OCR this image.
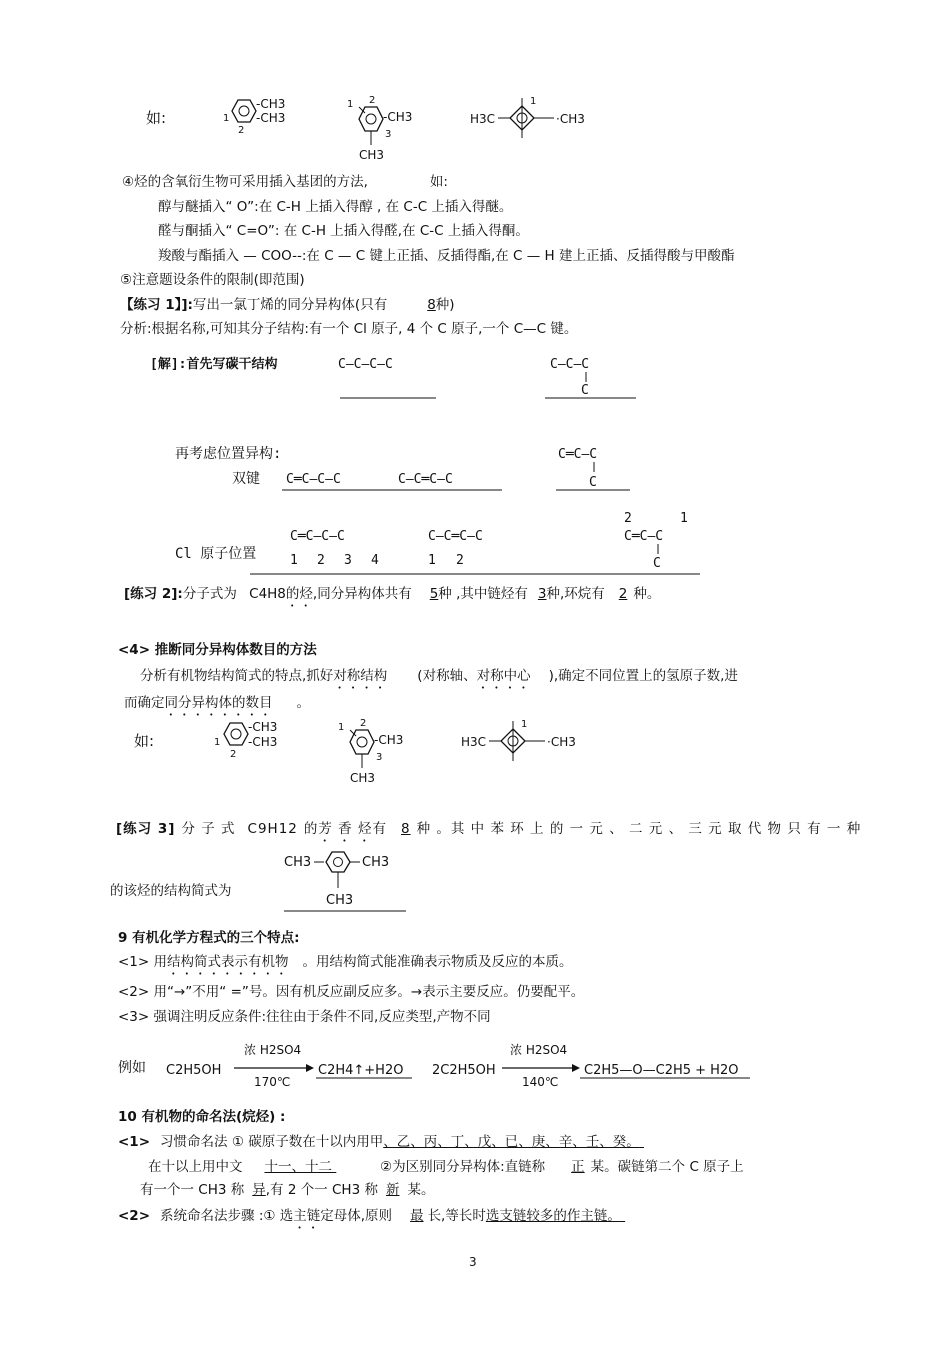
如:
-CH3
-CH3
1
2
1 2
-CH3
3
CH3
H3C
1
·CH3
④烃的含氧衍生物可采用插入基团的方法,	如:
醇与醚插入“ O”:在 C-H 上插入得醇 , 在 C-C 上插入得醚。
醛与酮插入“ C=O”: 在 C-H 上插入得醛,在 C-C 上插入得酮。
羧酸与酯插入 — COO--:在 C — C 键上正插、反插得酯,在 C — H 建上正插、反插得酸与甲酸酯
⑤注意题设条件的限制(即范围)
【练习 1】]:写出一氯丁烯的同分异构体(只有	8种)
分析:根据名称,可知其分子结构:有一个 Cl 原子, 4 个 C 原子,一个 C—C 键。
[解]:首先写碳干结构	C—C—C—C	C—C—C
C
再考虑位置异构:
双键 C═C—C—C	C—C═C—C
C═C—C
C
Cl 原子位置
C═C—C—C
1 2 3 4
C—C═C—C
1 2
2	1
C═C—C
C
[练习 2]:分子式为 C4H8的烃,同分异构体共有 5种 ,其中链烃有 3种,环烷有 2 种。
<4> 推断同分异构体数目的方法
分析有机物结构简式的特点,抓好对称结构 (对称轴、对称中心 ),确定不同位置上的氢原子数,进
而确定同分异构体的数目 。
如:
-CH3
-CH3
1
2
1 2
-CH3
3
CH3
H3C
1
·CH3
[练习 3] 分 子 式 C9H12 的芳 香 烃有 8 种 。其 中 苯 环 上 的 一 元 、 二 元 、 三 元 取 代 物 只 有 一 种
CH3	CH3
CH3
的该烃的结构简式为
9 有机化学方程式的三个特点:
<1> 用结构简式表示有机物 。用结构简式能准确表示物质及反应的本质。
<2> 用“→”不用“ =”号。因有机反应副反应多。→表示主要反应。仍要配平。
<3> 强调注明反应条件:往往由于条件不同,反应类型,产物不同
例如 C2H5OH
浓 H2SO4
170℃
C2H4↑+H2O 2C2H5OH
浓 H2SO4
140℃
C2H5—O—C2H5 + H2O
10 有机物的命名法(烷烃) :
<1> 习惯命名法 ① 碳原子数在十以内用甲、乙、丙、丁、戊、已、庚、辛、壬、癸。
在十以上用中文 十一、十二	②为区别同分异构体:直链称 正 某。碳链第二个 C 原子上
有一个一 CH3 称 异,有 2 个一 CH3 称 新 某。
<2> 系统命名法步骤 :① 选主链定母体,原则 最 长,等长时选支链较多的作主链。
3
